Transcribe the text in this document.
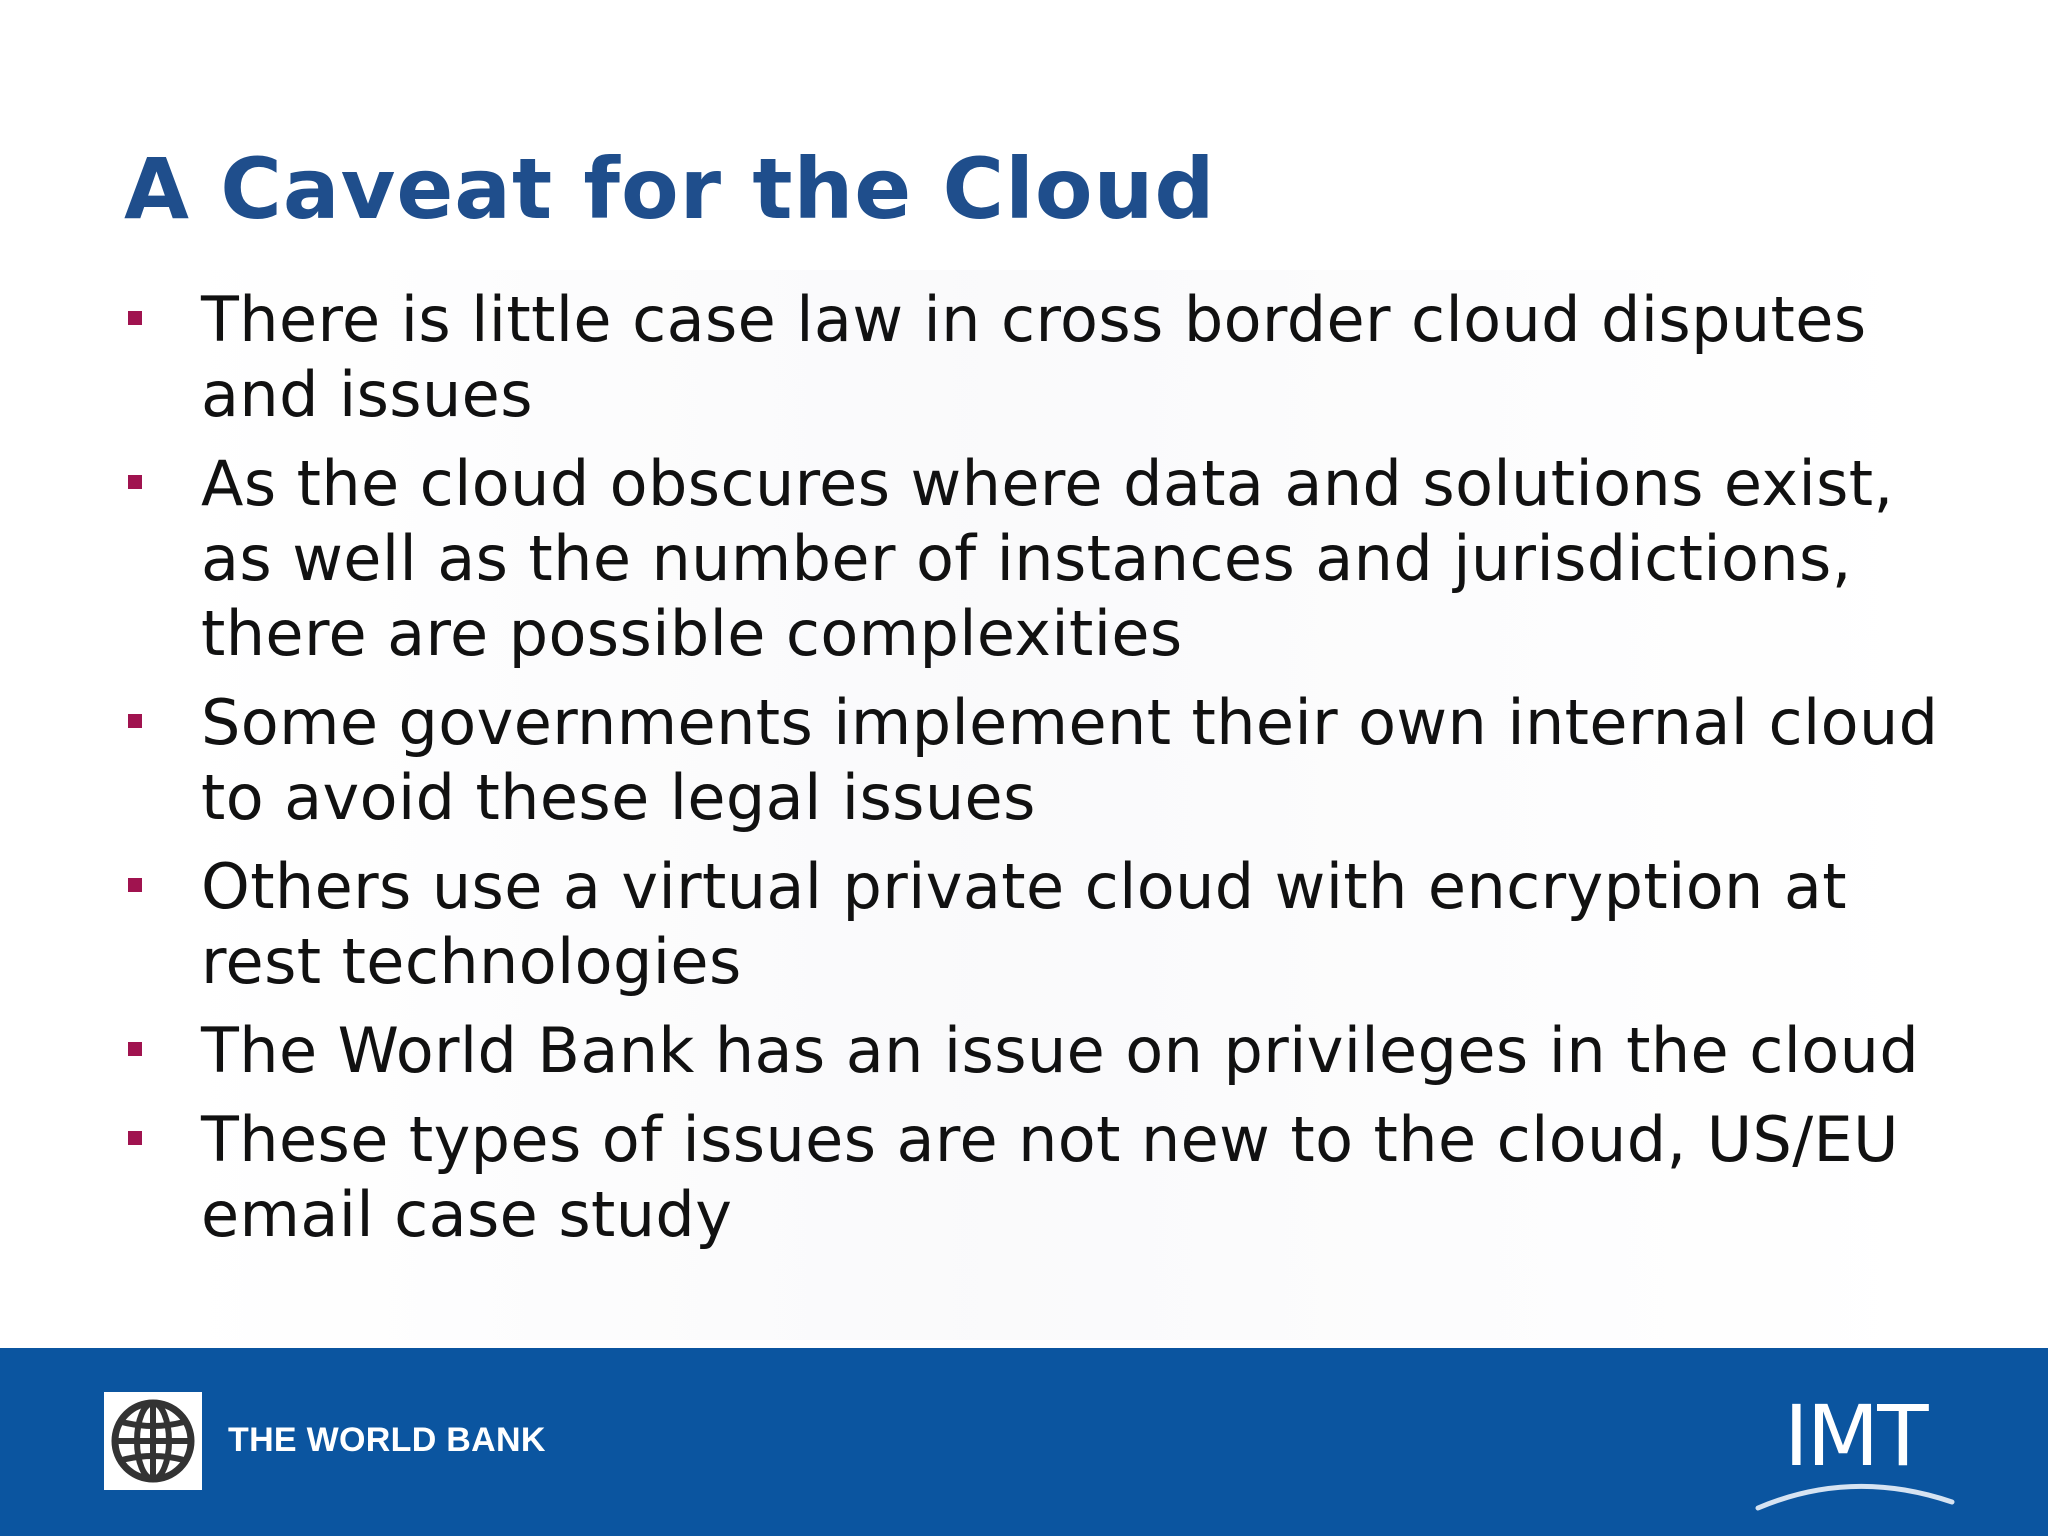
A Caveat for the Cloud
There is little case law in cross border cloud disputes and issues
As the cloud obscures where data and solutions exist, as well as the number of instances and jurisdictions, there are possible complexities
Some governments implement their own internal cloud to avoid these legal issues
Others use a virtual private cloud with encryption at rest technologies
The World Bank has an issue on privileges in the cloud
These types of issues are not new to the cloud, US/EU email case study
THE WORLD BANK	IMT
